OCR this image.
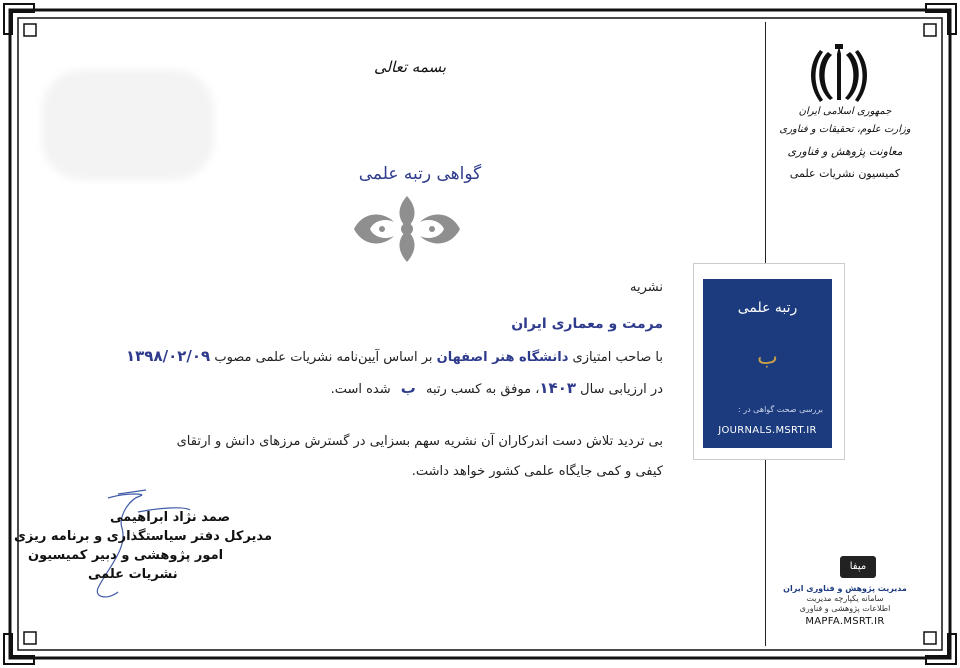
بسمه تعالی
گواهی رتبه علمی
نشریه
مرمت و معماری ایران
با صاحب امتیازی دانشگاه هنر اصفهان بر اساس آیین‌نامه نشریات علمی مصوب ۱۳۹۸/۰۲/۰۹
در ارزیابی سال ۱۴۰۳، موفق به کسب رتبه ب شده است.
بی تردید تلاش دست اندرکاران آن نشریه سهم بسزایی در گسترش مرزهای دانش و ارتقای
کیفی و کمی جایگاه علمی کشور خواهد داشت.
صمد نژاد ابراهیمی
مدیرکل دفتر سیاستگذاری و برنامه ریزی
امور پژوهشی و دبیر کمیسیون
نشریات علمی
جمهوری اسلامی ایران
وزارت علوم، تحقیقات و فناوری
معاونت پژوهش و فناوری
کمیسیون نشریات علمی
رتبه علمی
ب
بررسی صحت گواهی در :
JOURNALS.MSRT.IR
مپفا
مدیریت پژوهش و فناوری ایران
سامانه یکپارچه مدیریت
اطلاعات پژوهشی و فناوری
MAPFA.MSRT.IR
